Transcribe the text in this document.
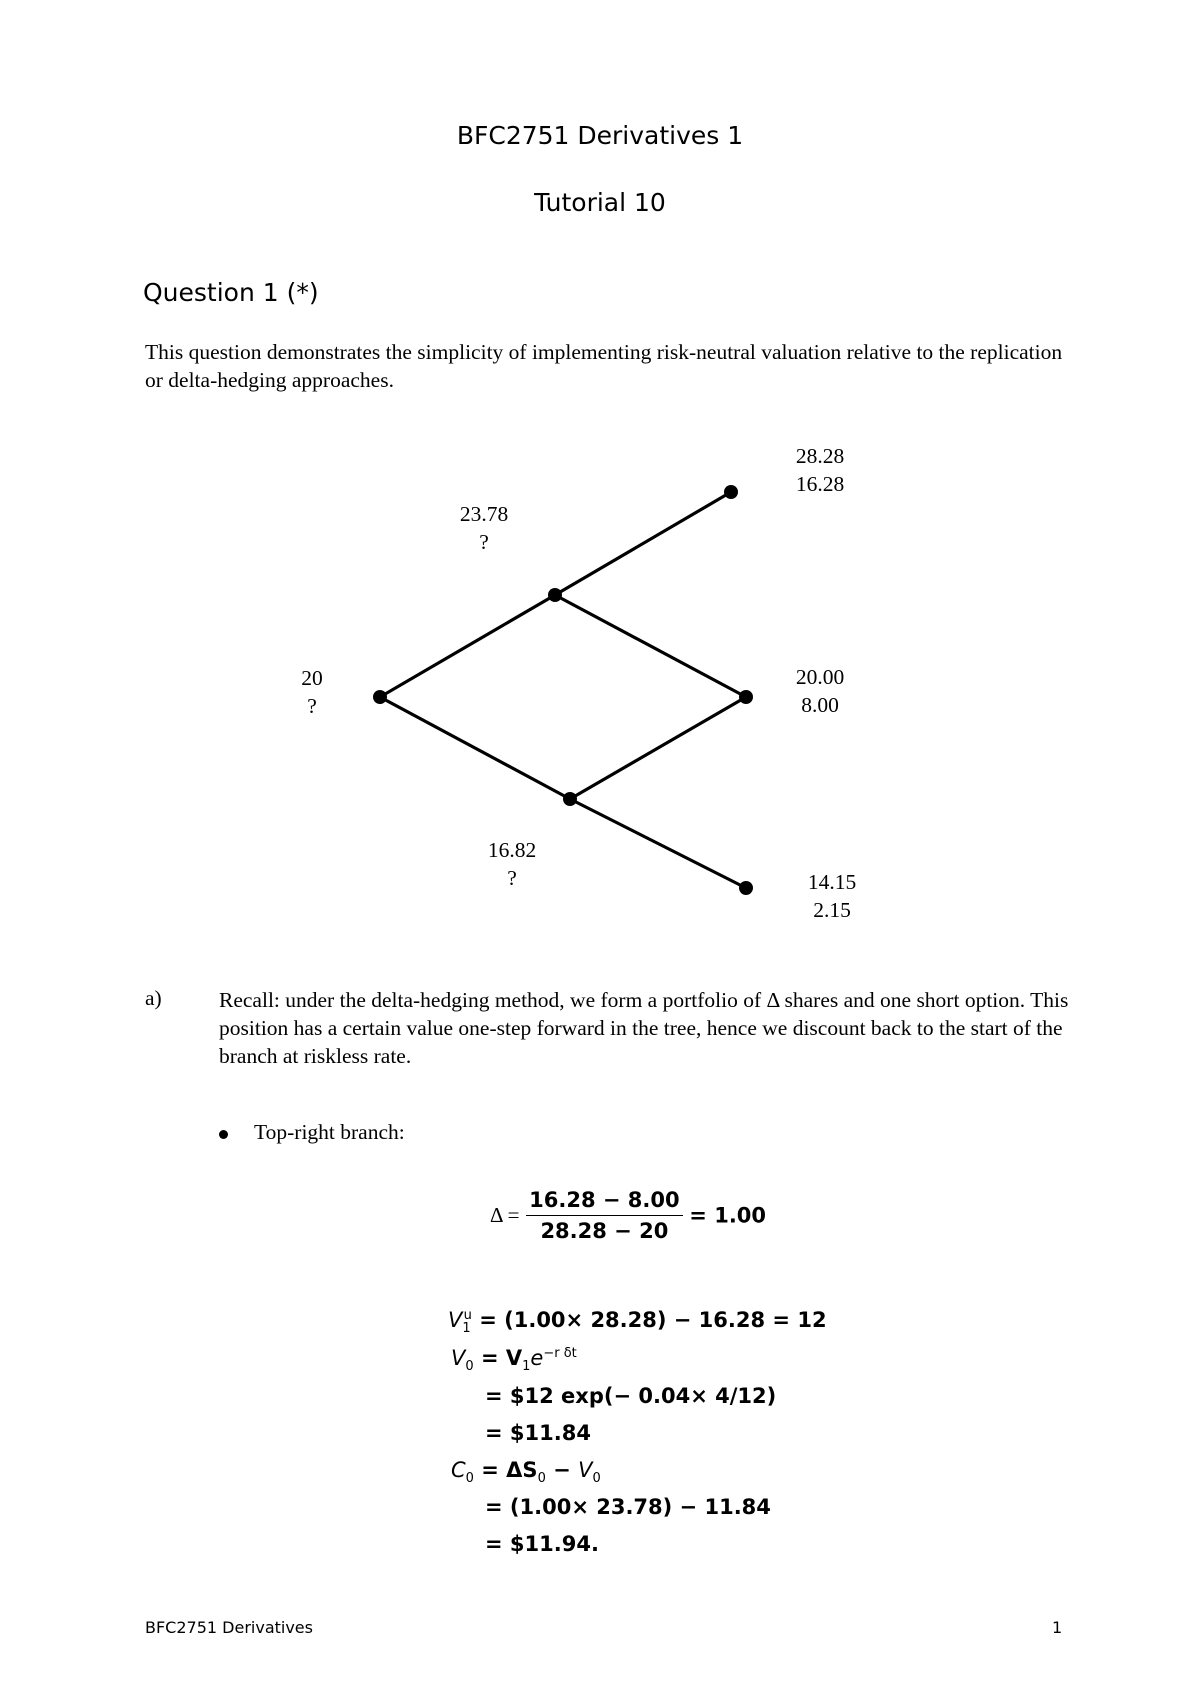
BFC2751 Derivatives 1
Tutorial 10
Question 1 (*)
This question demonstrates the simplicity of implementing risk-neutral valuation relative to the replication or delta-hedging approaches.
20
?
23.78
?
16.82
?
28.28
16.28
20.00
8.00
14.15
2.15
a)	Recall: under the delta-hedging method, we form a portfolio of Δ shares and one short option. This position has a certain value one-step forward in the tree, hence we discount back to the start of the branch at riskless rate.
Top-right branch:
$\Delta = \frac{16.28 - 8.00}{28.28 - 20} = 1.00$
$V_1^u = (1.00\times 28.28) - 16.28 = 12$
$V_0 = V_1e^{-r \delta t}$
= $12 exp(− 0.04× 4/12)
= $11.84
$C_0 = \Delta S_0 - V_0$
= (1.00× 23.78) − 11.84
= $11.94.
BFC2751 Derivatives	1
